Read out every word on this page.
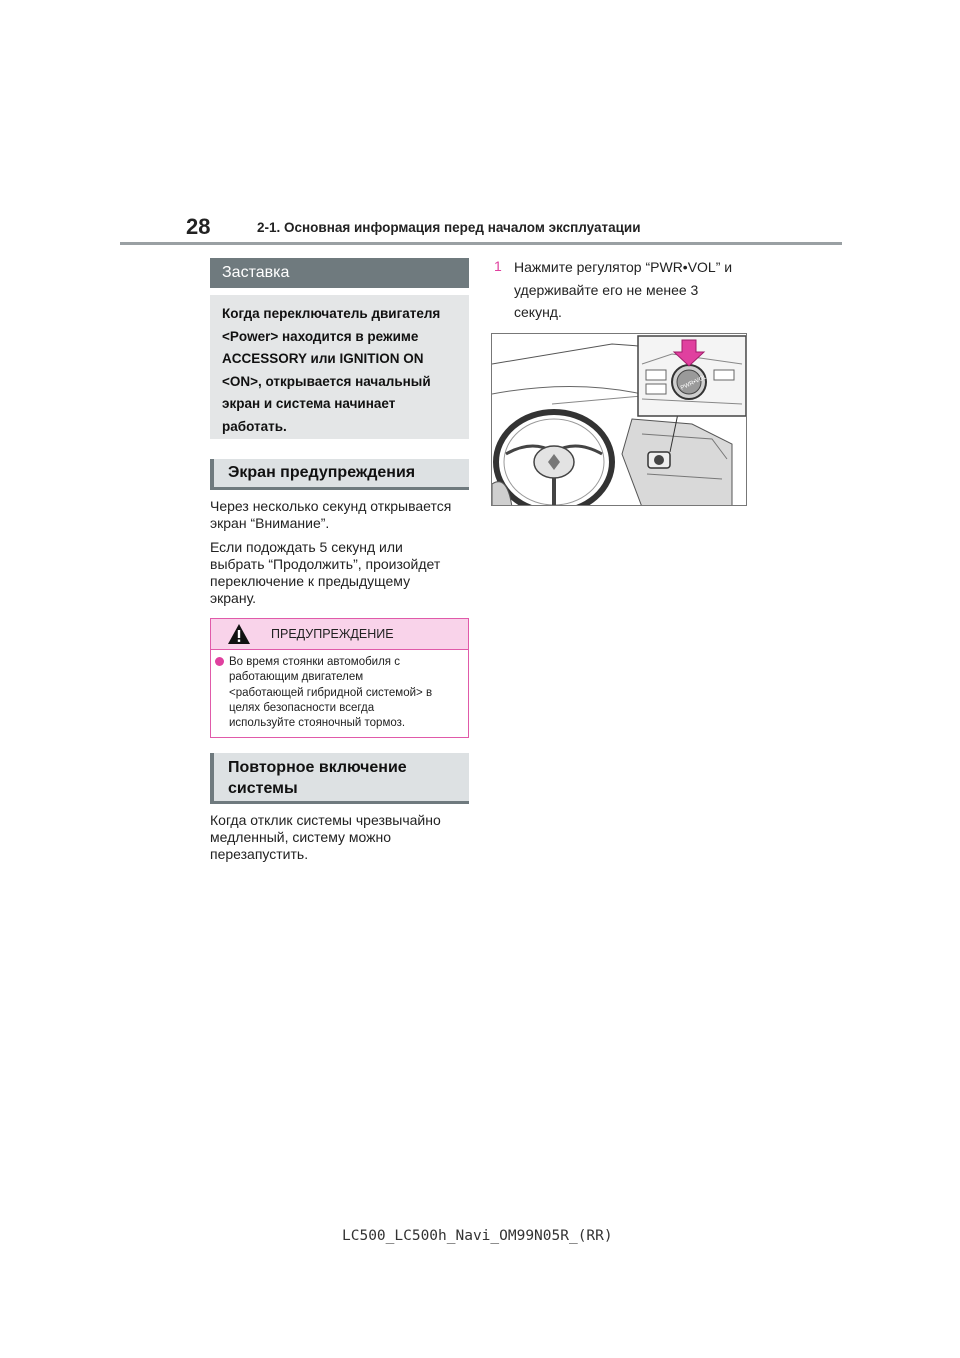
28	2-1. Основная информация перед началом эксплуатации
Заставка
Когда переключатель двигателя
<Power> находится в режиме
ACCESSORY или IGNITION ON
<ON>, открывается начальный
экран и система начинает
работать.
Экран предупреждения
Через несколько секунд открывается
экран “Внимание”.
Если подождать 5 секунд или
выбрать “Продолжить”, произойдет
переключение к предыдущему
экрану.
ПРЕДУПРЕЖДЕНИЕ
Во время стоянки автомобиля с
работающим двигателем
<работающей гибридной системой> в
целях безопасности всегда
используйте стояночный тормоз.
Повторное включение
системы
Когда отклик системы чрезвычайно
медленный, систему можно
перезапустить.
1 Нажмите регулятор “PWR•VOL” и
удерживайте его не менее 3
секунд.
PWR•VOL
LC500_LC500h_Navi_OM99N05R_(RR)
